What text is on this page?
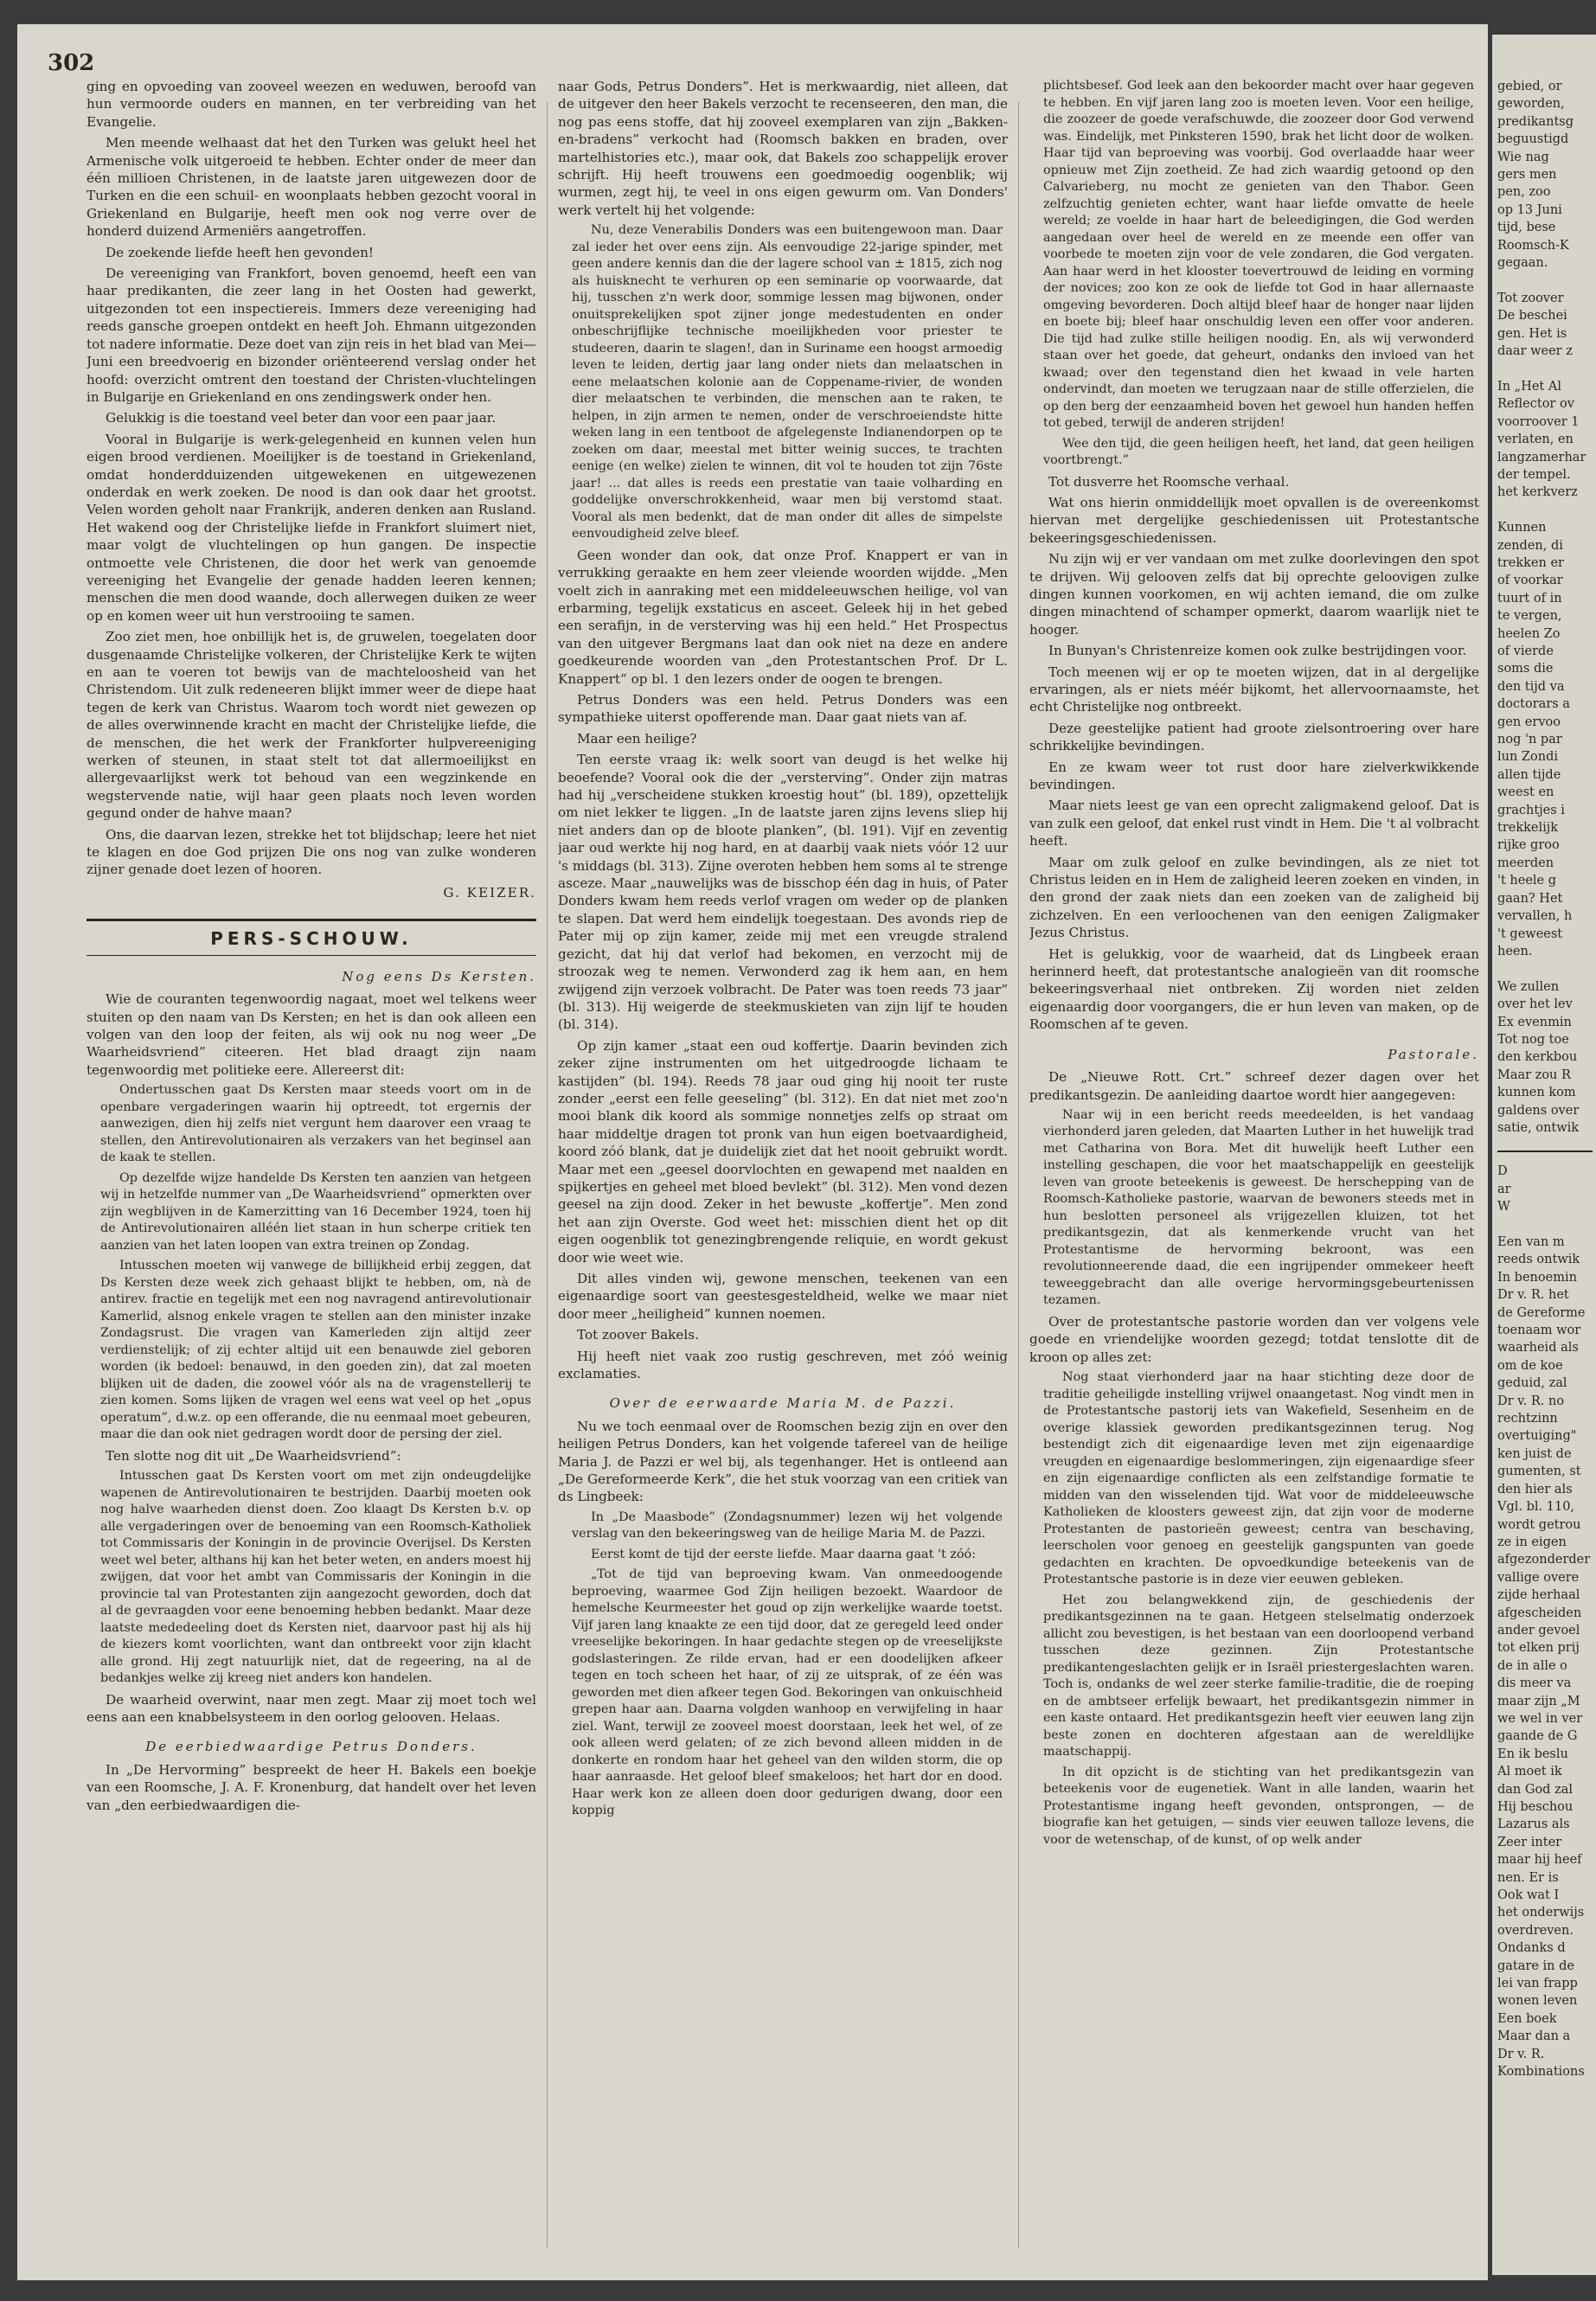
302

ging en opvoeding van zooveel weezen en weduwen, beroofd van hun vermoorde ouders en mannen, en ter verbreiding van het Evangelie.

Men meende welhaast dat het den Turken was gelukt heel het Armenische volk uitgeroeid te hebben. Echter onder de meer dan één millioen Christenen, in de laatste jaren uitgewezen door de Turken en die een schuil- en woonplaats hebben gezocht vooral in Griekenland en Bulgarije, heeft men ook nog verre over de honderd duizend Armeniërs aangetroffen.

De zoekende liefde heeft hen gevonden!

De vereeniging van Frankfort, boven genoemd, heeft een van haar predikanten, die zeer lang in het Oosten had gewerkt, uitgezonden tot een inspectiereis. Immers deze vereeniging had reeds gansche groepen ontdekt en heeft Joh. Ehmann uitgezonden tot nadere informatie. Deze doet van zijn reis in het blad van Mei—Juni een breedvoerig en bizonder oriënteerend verslag onder het hoofd: overzicht omtrent den toestand der Christen-vluchtelingen in Bulgarije en Griekenland en ons zendingswerk onder hen.

Gelukkig is die toestand veel beter dan voor een paar jaar.

Vooral in Bulgarije is werk-gelegenheid en kunnen velen hun eigen brood verdienen. Moeilijker is de toestand in Griekenland, omdat honderdduizenden uitgewekenen en uitgewezenen onderdak en werk zoeken. De nood is dan ook daar het grootst. Velen worden geholt naar Frankrijk, anderen denken aan Rusland. Het wakend oog der Christelijke liefde in Frankfort sluimert niet, maar volgt de vluchtelingen op hun gangen. De inspectie ontmoette vele Christenen, die door het werk van genoemde vereeniging het Evangelie der genade hadden leeren kennen; menschen die men dood waande, doch allerwegen duiken ze weer op en komen weer uit hun verstrooiing te samen.

Zoo ziet men, hoe onbillijk het is, de gruwelen, toegelaten door dusgenaamde Christelijke volkeren, der Christelijke Kerk te wijten en aan te voeren tot bewijs van de machteloosheid van het Christendom. Uit zulk redeneeren blijkt immer weer de diepe haat tegen de kerk van Christus. Waarom toch wordt niet gewezen op de alles overwinnende kracht en macht der Christelijke liefde, die de menschen, die het werk der Frankforter hulpvereeniging werken of steunen, in staat stelt tot dat allermoeilijkst en allergevaarlijkst werk tot behoud van een wegzinkende en wegstervende natie, wijl haar geen plaats noch leven worden gegund onder de hahve maan?

Ons, die daarvan lezen, strekke het tot blijdschap; leere het niet te klagen en doe God prijzen Die ons nog van zulke wonderen zijner genade doet lezen of hooren.

G. KEIZER.
PERS-SCHOUW.
Nog eens Ds Kersten.

Wie de couranten tegenwoordig nagaat, moet wel telkens weer stuiten op den naam van Ds Kersten; en het is dan ook alleen een volgen van den loop der feiten, als wij ook nu nog weer „De Waarheidsvriend” citeeren. Het blad draagt zijn naam tegenwoordig met politieke eere. Allereerst dit:

Ondertusschen gaat Ds Kersten maar steeds voort om in de openbare vergaderingen waarin hij optreedt, tot ergernis der aanwezigen, dien hij zelfs niet vergunt hem daarover een vraag te stellen, den Antirevolutionairen als verzakers van het beginsel aan de kaak te stellen.

Op dezelfde wijze handelde Ds Kersten ten aanzien van hetgeen wij in hetzelfde nummer van „De Waarheidsvriend” opmerkten over zijn wegblijven in de Kamerzitting van 16 December 1924, toen hij de Antirevolutionairen alléén liet staan in hun scherpe critiek ten aanzien van het laten loopen van extra treinen op Zondag.

Intusschen moeten wij vanwege de billijkheid erbij zeggen, dat Ds Kersten deze week zich gehaast blijkt te hebben, om, nà de antirev. fractie en tegelijk met een nog navragend antirevolutionair Kamerlid, alsnog enkele vragen te stellen aan den minister inzake Zondagsrust. Die vragen van Kamerleden zijn altijd zeer verdienstelijk; of zij echter altijd uit een benauwde ziel geboren worden (ik bedoel: benauwd, in den goeden zin), dat zal moeten blijken uit de daden, die zoowel vóór als na de vragenstellerij te zien komen. Soms lijken de vragen wel eens wat veel op het „opus operatum”, d.w.z. op een offerande, die nu eenmaal moet gebeuren, maar die dan ook niet gedragen wordt door de persing der ziel.

Ten slotte nog dit uit „De Waarheidsvriend”:

Intusschen gaat Ds Kersten voort om met zijn ondeugdelijke wapenen de Antirevolutionairen te bestrijden. Daarbij moeten ook nog halve waarheden dienst doen. Zoo klaagt Ds Kersten b.v. op alle vergaderingen over de benoeming van een Roomsch-Katholiek tot Commissaris der Koningin in de provincie Overijsel. Ds Kersten weet wel beter, althans hij kan het beter weten, en anders moest hij zwijgen, dat voor het ambt van Commissaris der Koningin in die provincie tal van Protestanten zijn aangezocht geworden, doch dat al de gevraagden voor eene benoeming hebben bedankt. Maar deze laatste mededeeling doet ds Kersten niet, daarvoor past hij als hij de kiezers komt voorlichten, want dan ontbreekt voor zijn klacht alle grond. Hij zegt natuurlijk niet, dat de regeering, na al de bedankjes welke zij kreeg niet anders kon handelen.

De waarheid overwint, naar men zegt. Maar zij moet toch wel eens aan een knabbelsysteem in den oorlog gelooven. Helaas.

De eerbiedwaardige Petrus Donders.

In „De Hervorming” bespreekt de heer H. Bakels een boekje van een Roomsche, J. A. F. Kronenburg, dat handelt over het leven van „den eerbiedwaardigen die-

naar Gods, Petrus Donders”. Het is merkwaardig, niet alleen, dat de uitgever den heer Bakels verzocht te recenseeren, den man, die nog pas eens stoffe, dat hij zooveel exemplaren van zijn „Bakken-en-bradens” verkocht had (Roomsch bakken en braden, over martelhistories etc.), maar ook, dat Bakels zoo schappelijk erover schrijft. Hij heeft trouwens een goedmoedig oogenblik; wij wurmen, zegt hij, te veel in ons eigen gewurm om. Van Donders' werk vertelt hij het volgende:

Nu, deze Venerabilis Donders was een buitengewoon man. Daar zal ieder het over eens zijn. Als eenvoudige 22-jarige spinder, met geen andere kennis dan die der lagere school van ± 1815, zich nog als huisknecht te verhuren op een seminarie op voorwaarde, dat hij, tusschen z'n werk door, sommige lessen mag bijwonen, onder onuitsprekelijken spot zijner jonge medestudenten en onder onbeschrijflijke technische moeilijkheden voor priester te studeeren, daarin te slagen!, dan in Suriname een hoogst armoedig leven te leiden, dertig jaar lang onder niets dan melaatschen in eene melaatschen kolonie aan de Coppename-rivier, de wonden dier melaatschen te verbinden, die menschen aan te raken, te helpen, in zijn armen te nemen, onder de verschroeiendste hitte weken lang in een tentboot de afgelegenste Indianendorpen op te zoeken om daar, meestal met bitter weinig succes, te trachten eenige (en welke) zielen te winnen, dit vol te houden tot zijn 76ste jaar! ... dat alles is reeds een prestatie van taaie volharding en goddelijke onverschrokkenheid, waar men bij verstomd staat. Vooral als men bedenkt, dat de man onder dit alles de simpelste eenvoudigheid zelve bleef.

Geen wonder dan ook, dat onze Prof. Knappert er van in verrukking geraakte en hem zeer vleiende woorden wijdde. „Men voelt zich in aanraking met een middeleeuwschen heilige, vol van erbarming, tegelijk exstaticus en asceet. Geleek hij in het gebed een serafijn, in de versterving was hij een held.” Het Prospectus van den uitgever Bergmans laat dan ook niet na deze en andere goedkeurende woorden van „den Protestantschen Prof. Dr L. Knappert” op bl. 1 den lezers onder de oogen te brengen.

Petrus Donders was een held. Petrus Donders was een sympathieke uiterst opofferende man. Daar gaat niets van af.

Maar een heilige?

Ten eerste vraag ik: welk soort van deugd is het welke hij beoefende? Vooral ook die der „versterving”. Onder zijn matras had hij „verscheidene stukken kroestig hout” (bl. 189), opzettelijk om niet lekker te liggen. „In de laatste jaren zijns levens sliep hij niet anders dan op de bloote planken”, (bl. 191). Vijf en zeventig jaar oud werkte hij nog hard, en at daarbij vaak niets vóór 12 uur 's middags (bl. 313). Zijne overoten hebben hem soms al te strenge asceze. Maar „nauwelijks was de bisschop één dag in huis, of Pater Donders kwam hem reeds verlof vragen om weder op de planken te slapen. Dat werd hem eindelijk toegestaan. Des avonds riep de Pater mij op zijn kamer, zeide mij met een vreugde stralend gezicht, dat hij dat verlof had bekomen, en verzocht mij de stroozak weg te nemen. Verwonderd zag ik hem aan, en hem zwijgend zijn verzoek volbracht. De Pater was toen reeds 73 jaar” (bl. 313). Hij weigerde de steekmuskieten van zijn lijf te houden (bl. 314).

Op zijn kamer „staat een oud koffertje. Daarin bevinden zich zeker zijne instrumenten om het uitgedroogde lichaam te kastijden” (bl. 194). Reeds 78 jaar oud ging hij nooit ter ruste zonder „eerst een felle geeseling” (bl. 312). En dat niet met zoo'n mooi blank dik koord als sommige nonnetjes zelfs op straat om haar middeltje dragen tot pronk van hun eigen boetvaardigheid, koord zóó blank, dat je duidelijk ziet dat het nooit gebruikt wordt. Maar met een „geesel doorvlochten en gewapend met naalden en spijkertjes en geheel met bloed bevlekt” (bl. 312). Men vond dezen geesel na zijn dood. Zeker in het bewuste „koffertje”. Men zond het aan zijn Overste. God weet het: misschien dient het op dit eigen oogenblik tot genezingbrengende reliquie, en wordt gekust door wie weet wie.

Dit alles vinden wij, gewone menschen, teekenen van een eigenaardige soort van geestesgesteldheid, welke we maar niet door meer „heiligheid” kunnen noemen.

Tot zoover Bakels.

Hij heeft niet vaak zoo rustig geschreven, met zóó weinig exclamaties.

Over de eerwaarde Maria M. de Pazzi.

Nu we toch eenmaal over de Roomschen bezig zijn en over den heiligen Petrus Donders, kan het volgende tafereel van de heilige Maria J. de Pazzi er wel bij, als tegenhanger. Het is ontleend aan „De Gereformeerde Kerk”, die het stuk voorzag van een critiek van ds Lingbeek:

In „De Maasbode” (Zondagsnummer) lezen wij het volgende verslag van den bekeeringsweg van de heilige Maria M. de Pazzi.

Eerst komt de tijd der eerste liefde. Maar daarna gaat 't zóó:

„Tot de tijd van beproeving kwam. Van onmeedoogende beproeving, waarmee God Zijn heiligen bezoekt. Waardoor de hemelsche Keurmeester het goud op zijn werkelijke waarde toetst. Vijf jaren lang knaakte ze een tijd door, dat ze geregeld leed onder vreeselijke bekoringen. In haar gedachte stegen op de vreeselijkste godslasteringen. Ze rilde ervan, had er een doodelijken afkeer tegen en toch scheen het haar, of zij ze uitsprak, of ze één was geworden met dien afkeer tegen God. Bekoringen van onkuischheid grepen haar aan. Daarna volgden wanhoop en verwijfeling in haar ziel. Want, terwijl ze zooveel moest doorstaan, leek het wel, of ze ook alleen werd gelaten; of ze zich bevond alleen midden in de donkerte en rondom haar het geheel van den wilden storm, die op haar aanraasde. Het geloof bleef smakeloos; het hart dor en dood. Haar werk kon ze alleen doen door gedurigen dwang, door een koppig

plichtsbesef. God leek aan den bekoorder macht over haar gegeven te hebben. En vijf jaren lang zoo is moeten leven. Voor een heilige, die zoozeer de goede verafschuwde, die zoozeer door God verwend was. Eindelijk, met Pinksteren 1590, brak het licht door de wolken. Haar tijd van beproeving was voorbij. God overlaadde haar weer opnieuw met Zijn zoetheid. Ze had zich waardig getoond op den Calvarieberg, nu mocht ze genieten van den Thabor. Geen zelfzuchtig genieten echter, want haar liefde omvatte de heele wereld; ze voelde in haar hart de beleedigingen, die God werden aangedaan over heel de wereld en ze meende een offer van voorbede te moeten zijn voor de vele zondaren, die God vergaten. Aan haar werd in het klooster toevertrouwd de leiding en vorming der novices; zoo kon ze ook de liefde tot God in haar allernaaste omgeving bevorderen. Doch altijd bleef haar de honger naar lijden en boete bij; bleef haar onschuldig leven een offer voor anderen. Die tijd had zulke stille heiligen noodig. En, als wij verwonderd staan over het goede, dat geheurt, ondanks den invloed van het kwaad; over den tegenstand dien het kwaad in vele harten ondervindt, dan moeten we terugzaan naar de stille offerzielen, die op den berg der eenzaamheid boven het gewoel hun handen heffen tot gebed, terwijl de anderen strijden!

Wee den tijd, die geen heiligen heeft, het land, dat geen heiligen voortbrengt.”

Tot dusverre het Roomsche verhaal.

Wat ons hierin onmiddellijk moet opvallen is de overeenkomst hiervan met dergelijke geschiedenissen uit Protestantsche bekeeringsgeschiedenissen.

Nu zijn wij er ver vandaan om met zulke doorlevingen den spot te drijven. Wij gelooven zelfs dat bij oprechte geloovigen zulke dingen kunnen voorkomen, en wij achten iemand, die om zulke dingen minachtend of schamper opmerkt, daarom waarlijk niet te hooger.

In Bunyan's Christenreize komen ook zulke bestrijdingen voor.

Toch meenen wij er op te moeten wijzen, dat in al dergelijke ervaringen, als er niets méér bijkomt, het allervoornaamste, het echt Christelijke nog ontbreekt.

Deze geestelijke patient had groote zielsontroering over hare schrikkelijke bevindingen.

En ze kwam weer tot rust door hare zielverkwikkende bevindingen.

Maar niets leest ge van een oprecht zaligmakend geloof. Dat is van zulk een geloof, dat enkel rust vindt in Hem. Die 't al volbracht heeft.

Maar om zulk geloof en zulke bevindingen, als ze niet tot Christus leiden en in Hem de zaligheid leeren zoeken en vinden, in den grond der zaak niets dan een zoeken van de zaligheid bij zichzelven. En een verloochenen van den eenigen Zaligmaker Jezus Christus.

Het is gelukkig, voor de waarheid, dat ds Lingbeek eraan herinnerd heeft, dat protestantsche analogieën van dit roomsche bekeeringsverhaal niet ontbreken. Zij worden niet zelden eigenaardig door voorgangers, die er hun leven van maken, op de Roomschen af te geven.

Pastorale.

De „Nieuwe Rott. Crt.” schreef dezer dagen over het predikantsgezin. De aanleiding daartoe wordt hier aangegeven:

Naar wij in een bericht reeds meedeelden, is het vandaag vierhonderd jaren geleden, dat Maarten Luther in het huwelijk trad met Catharina von Bora. Met dit huwelijk heeft Luther een instelling geschapen, die voor het maatschappelijk en geestelijk leven van groote beteekenis is geweest. De herschepping van de Roomsch-Katholieke pastorie, waarvan de bewoners steeds met in hun beslotten personeel als vrijgezellen kluizen, tot het predikantsgezin, dat als kenmerkende vrucht van het Protestantisme de hervorming bekroont, was een revolutionneerende daad, die een ingrijpender ommekeer heeft teweeggebracht dan alle overige hervormingsgebeurtenissen tezamen.

Over de protestantsche pastorie worden dan ver volgens vele goede en vriendelijke woorden gezegd; totdat tenslotte dit de kroon op alles zet:

Nog staat vierhonderd jaar na haar stichting deze door de traditie geheiligde instelling vrijwel onaangetast. Nog vindt men in de Protestantsche pastorij iets van Wakefield, Sesenheim en de overige klassiek geworden predikantsgezinnen terug. Nog bestendigt zich dit eigenaardige leven met zijn eigenaardige vreugden en eigenaardige beslommeringen, zijn eigenaardige sfeer en zijn eigenaardige conflicten als een zelfstandige formatie te midden van den wisselenden tijd. Wat voor de middeleeuwsche Katholieken de kloosters geweest zijn, dat zijn voor de moderne Protestanten de pastorieën geweest; centra van beschaving, leerscholen voor genoeg en geestelijk gangspunten van goede gedachten en krachten. De opvoedkundige beteekenis van de Protestantsche pastorie is in deze vier eeuwen gebleken.

Het zou belangwekkend zijn, de geschiedenis der predikantsgezinnen na te gaan. Hetgeen stelselmatig onderzoek allicht zou bevestigen, is het bestaan van een doorloopend verband tusschen deze gezinnen. Zijn Protestantsche predikantengeslachten gelijk er in Israël priestergeslachten waren. Toch is, ondanks de wel zeer sterke familie-traditie, die de roeping en de ambtseer erfelijk bewaart, het predikantsgezin nimmer in een kaste ontaard. Het predikantsgezin heeft vier eeuwen lang zijn beste zonen en dochteren afgestaan aan de wereldlijke maatschappij.

In dit opzicht is de stichting van het predikantsgezin van beteekenis voor de eugenetiek. Want in alle landen, waarin het Protestantisme ingang heeft gevonden, ontsprongen, — de biografie kan het getuigen, — sinds vier eeuwen talloze levens, die voor de wetenschap, of de kunst, of op welk ander

gebied, or
geworden,
predikantsg
beguustigd
Wie nag
gers men
pen, zoo
op 13 Juni
tijd, bese
Roomsch-K
gegaan.

Tot zoover
De beschei
gen. Het is
daar weer z

In „Het Al
Reflector ov
voorroover 1
verlaten, en
langzamerhar
der tempel.
het kerkverz

Kunnen
zenden, di
trekken er
of voorkar
tuurt of in
te vergen,
heelen Zo
of vierde
soms die
den tijd va
doctorars a
gen ervoo
nog 'n par
lun Zondi
allen tijde
weest en
grachtjes i
trekkelijk
rijke groo
meerden
't heele g
gaan? Het
vervallen, h
't geweest
heen.

We zullen
over het lev
Ex evenmin
Tot nog toe
den kerkbou
Maar zou R
kunnen kom
galdens over
satie, ontwik
D
ar
W

Een van m
reeds ontwik
In benoemin
Dr v. R. het
de Gereforme
toenaam wor
waarheid als
om de koe
geduid, zal
Dr v. R. no
rechtzinn
overtuiging"
ken juist de
gumenten, st
den hier als
Vgl. bl. 110,
wordt getrou
ze in eigen
afgezonderder
vallige overe
zijde herhaal
afgescheiden
ander gevoel
tot elken prij
de in alle o
dis meer va
maar zijn „M
we wel in ver
gaande de G
En ik beslu
Al moet ik
dan God zal
Hij beschou
Lazarus als
Zeer inter
maar hij heef
nen. Er is
Ook wat I
het onderwijs
overdreven.
Ondanks d
gatare in de
lei van frapp
wonen leven
Een boek
Maar dan a
Dr v. R.
Kombinations
